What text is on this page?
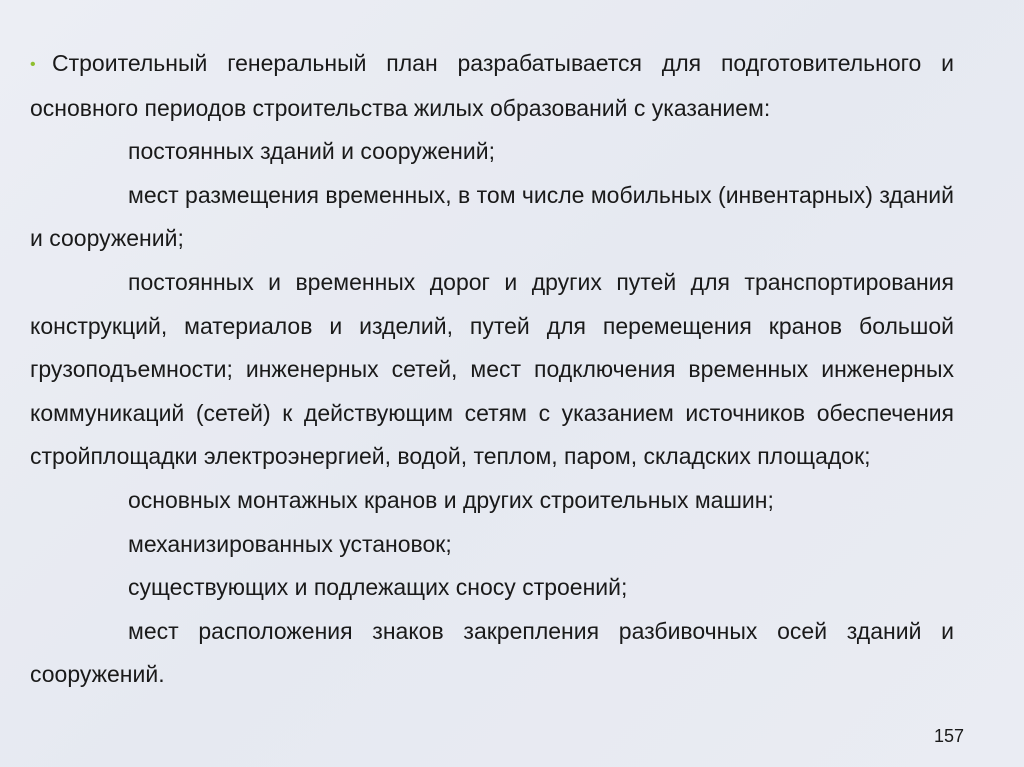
• Строительный генеральный план разрабатывается для подготовительного и основного периодов строительства жилых образований с указанием:

постоянных зданий и сооружений;

мест размещения временных, в том числе мобильных (инвентарных) зданий и сооружений;

постоянных и временных дорог и других путей для транспортирования конструкций, материалов и изделий, путей для перемещения кранов большой грузоподъемности; инженерных сетей, мест подключения временных инженерных коммуникаций (сетей) к действующим сетям с указанием источников обеспечения стройплощадки электроэнергией, водой, теплом, паром, складских площадок;

основных монтажных кранов и других строительных машин;

механизированных установок;

существующих и подлежащих сносу строений;

мест расположения знаков закрепления разбивочных осей зданий и сооружений.

157
